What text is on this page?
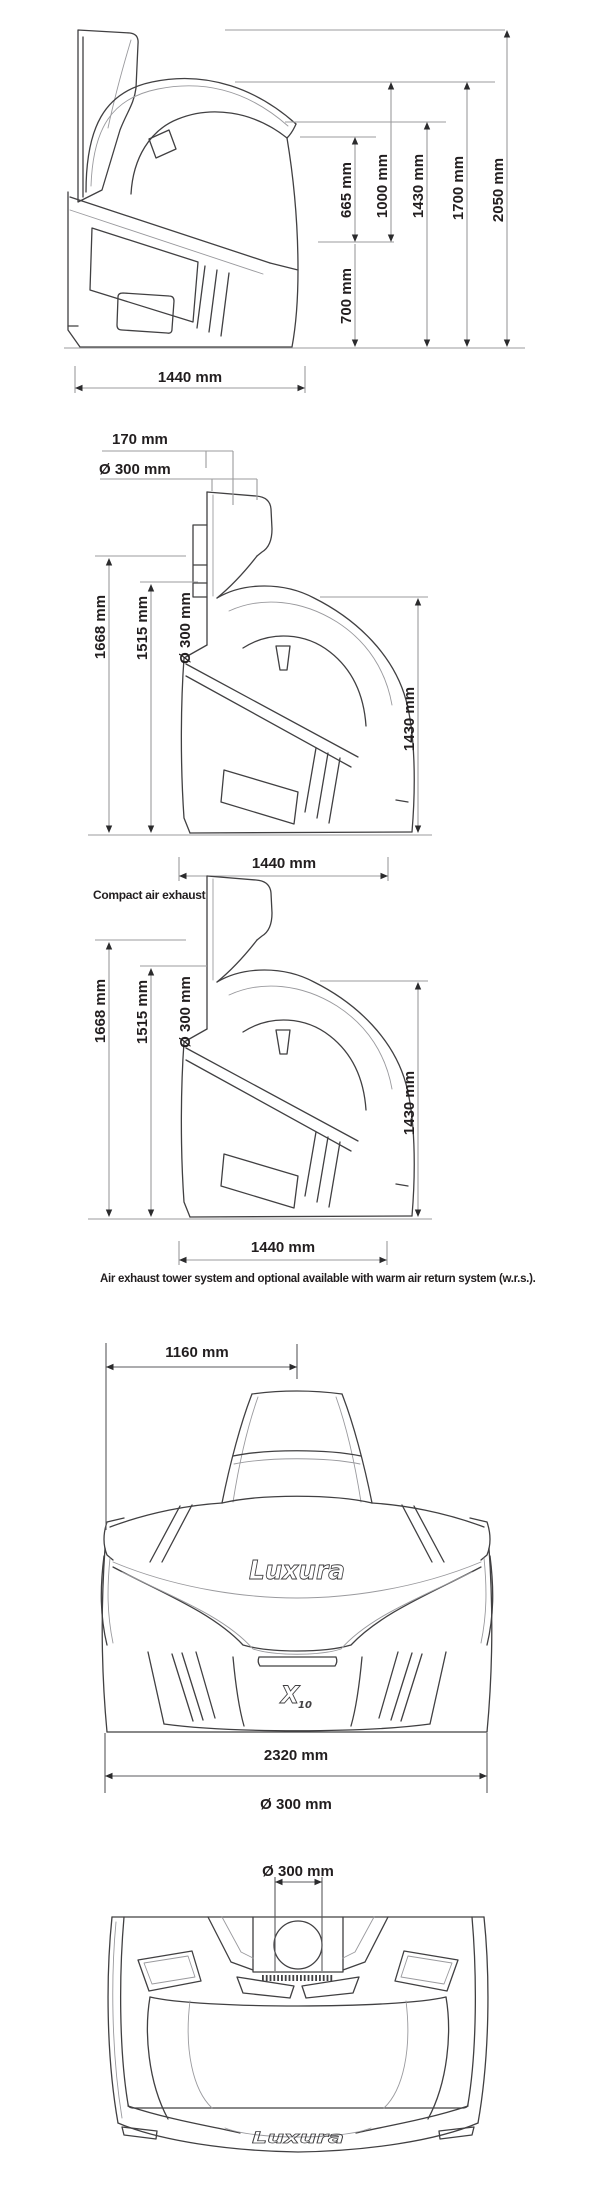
665 mm
700 mm
1000 mm 1430 mm 1700 mm 2050 mm
1440 mm
170 mm
Ø 300 mm
1668 mm 1515 mm Ø 300 mm
1430 mm
1440 mm
Compact air exhaust
1668 mm 1515 mm Ø 300 mm
1430 mm
1440 mm
Air exhaust tower system and optional available with warm air return system (w.r.s.).
Luxura
X
10
1160 mm
2320 mm
Ø 300 mm
Luxura
Ø 300 mm
